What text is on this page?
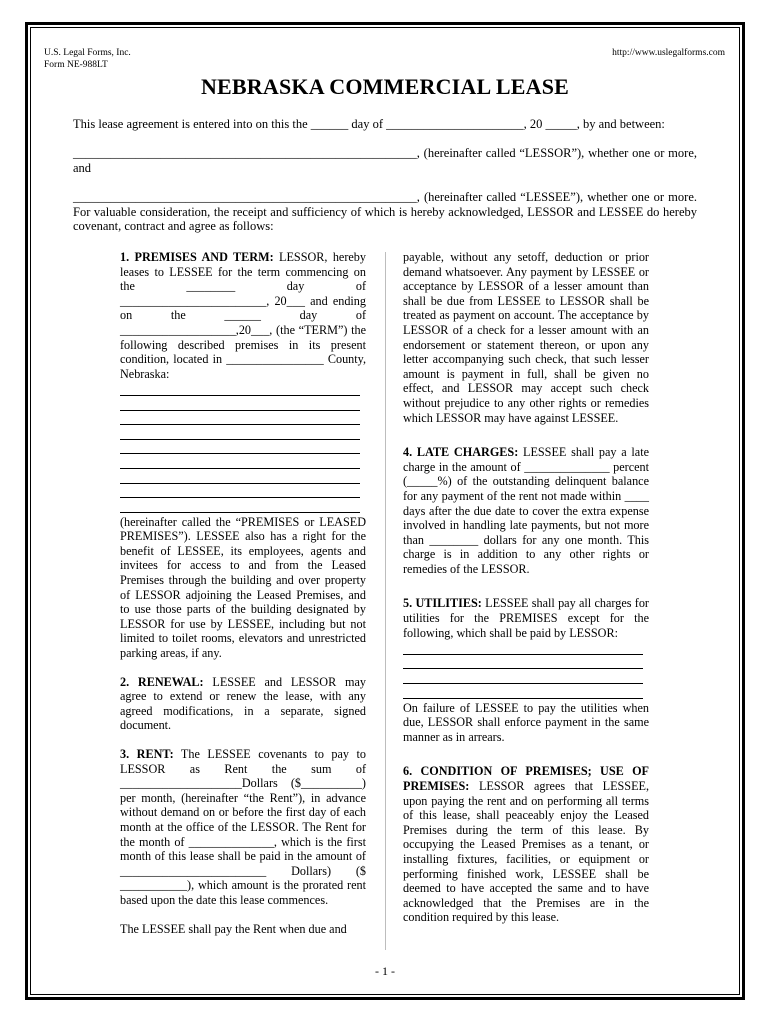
U.S. Legal Forms, Inc.
Form NE-988LT
http://www.uslegalforms.com
NEBRASKA COMMERCIAL LEASE
This lease agreement is entered into on this the ______ day of ______________________, 20 _____, by and between:
_______________________________________________________, (hereinafter called “LESSOR”), whether one or more, and
_______________________________________________________, (hereinafter called “LESSEE”), whether one or more. For valuable consideration, the receipt and sufficiency of which is hereby acknowledged, LESSOR and LESSEE do hereby covenant, contract and agree as follows:

1. PREMISES AND TERM: LESSOR, hereby leases to LESSEE for the term commencing on the ________ day of ________________________, 20___ and ending on the ______ day of ___________________,20___, (the “TERM”) the following described premises in its present condition, located in ________________ County, Nebraska:

(hereinafter called the “PREMISES or LEASED PREMISES”). LESSEE also has a right for the benefit of LESSEE, its employees, agents and invitees for access to and from the Leased Premises through the building and over property of LESSOR adjoining the Leased Premises, and to use those parts of the building designated by LESSOR for use by LESSEE, including but not limited to toilet rooms, elevators and unrestricted parking areas, if any.

2. RENEWAL: LESSEE and LESSOR may agree to extend or renew the lease, with any agreed modifications, in a separate, signed document.

3. RENT: The LESSEE covenants to pay to LESSOR as Rent the sum of ____________________Dollars ($__________) per month, (hereinafter “the Rent”), in advance without demand on or before the first day of each month at the office of the LESSOR. The Rent for the month of ______________, which is the first month of this lease shall be paid in the amount of ________________________ Dollars) ($ ___________), which amount is the prorated rent based upon the date this lease commences.

The LESSEE shall pay the Rent when due and

payable, without any setoff, deduction or prior demand whatsoever. Any payment by LESSEE or acceptance by LESSOR of a lesser amount than shall be due from LESSEE to LESSOR shall be treated as payment on account. The acceptance by LESSOR of a check for a lesser amount with an endorsement or statement thereon, or upon any letter accompanying such check, that such lesser amount is payment in full, shall be given no effect, and LESSOR may accept such check without prejudice to any other rights or remedies which LESSOR may have against LESSEE.

4. LATE CHARGES: LESSEE shall pay a late charge in the amount of ______________ percent (_____%) of the outstanding delinquent balance for any payment of the rent not made within ____ days after the due date to cover the extra expense involved in handling late payments, but not more than ________ dollars for any one month. This charge is in addition to any other rights or remedies of the LESSOR.

5. UTILITIES: LESSEE shall pay all charges for utilities for the PREMISES except for the following, which shall be paid by LESSOR:

On failure of LESSEE to pay the utilities when due, LESSOR shall enforce payment in the same manner as in arrears.

6. CONDITION OF PREMISES; USE OF PREMISES: LESSOR agrees that LESSEE, upon paying the rent and on performing all terms of this lease, shall peaceably enjoy the Leased Premises during the term of this lease. By occupying the Leased Premises as a tenant, or installing fixtures, facilities, or equipment or performing finished work, LESSEE shall be deemed to have accepted the same and to have acknowledged that the Premises are in the condition required by this lease.

- 1 -
